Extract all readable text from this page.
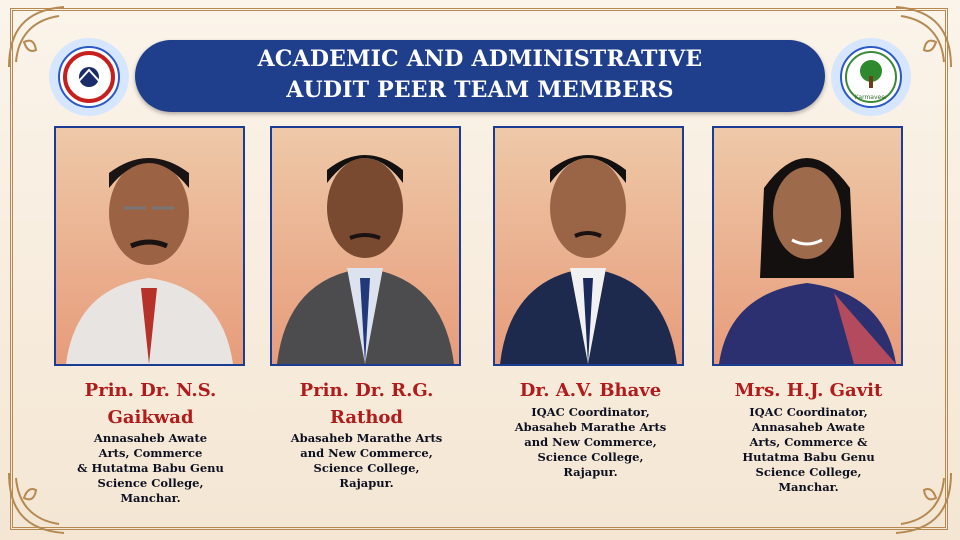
Karmaveer
ACADEMIC AND ADMINISTRATIVE
AUDIT PEER TEAM MEMBERS
Prin. Dr. N.S.
Gaikwad
Prin. Dr. R.G.
Rathod
Dr. A.V. Bhave	Mrs. H.J. Gavit
Annasaheb Awate
Arts, Commerce
& Hutatma Babu Genu
Science College,
Manchar.
Abasaheb Marathe Arts
and New Commerce,
Science College,
Rajapur.
IQAC Coordinator,
Abasaheb Marathe Arts
and New Commerce,
Science College,
Rajapur.
IQAC Coordinator,
Annasaheb Awate
Arts, Commerce &
Hutatma Babu Genu
Science College,
Manchar.
